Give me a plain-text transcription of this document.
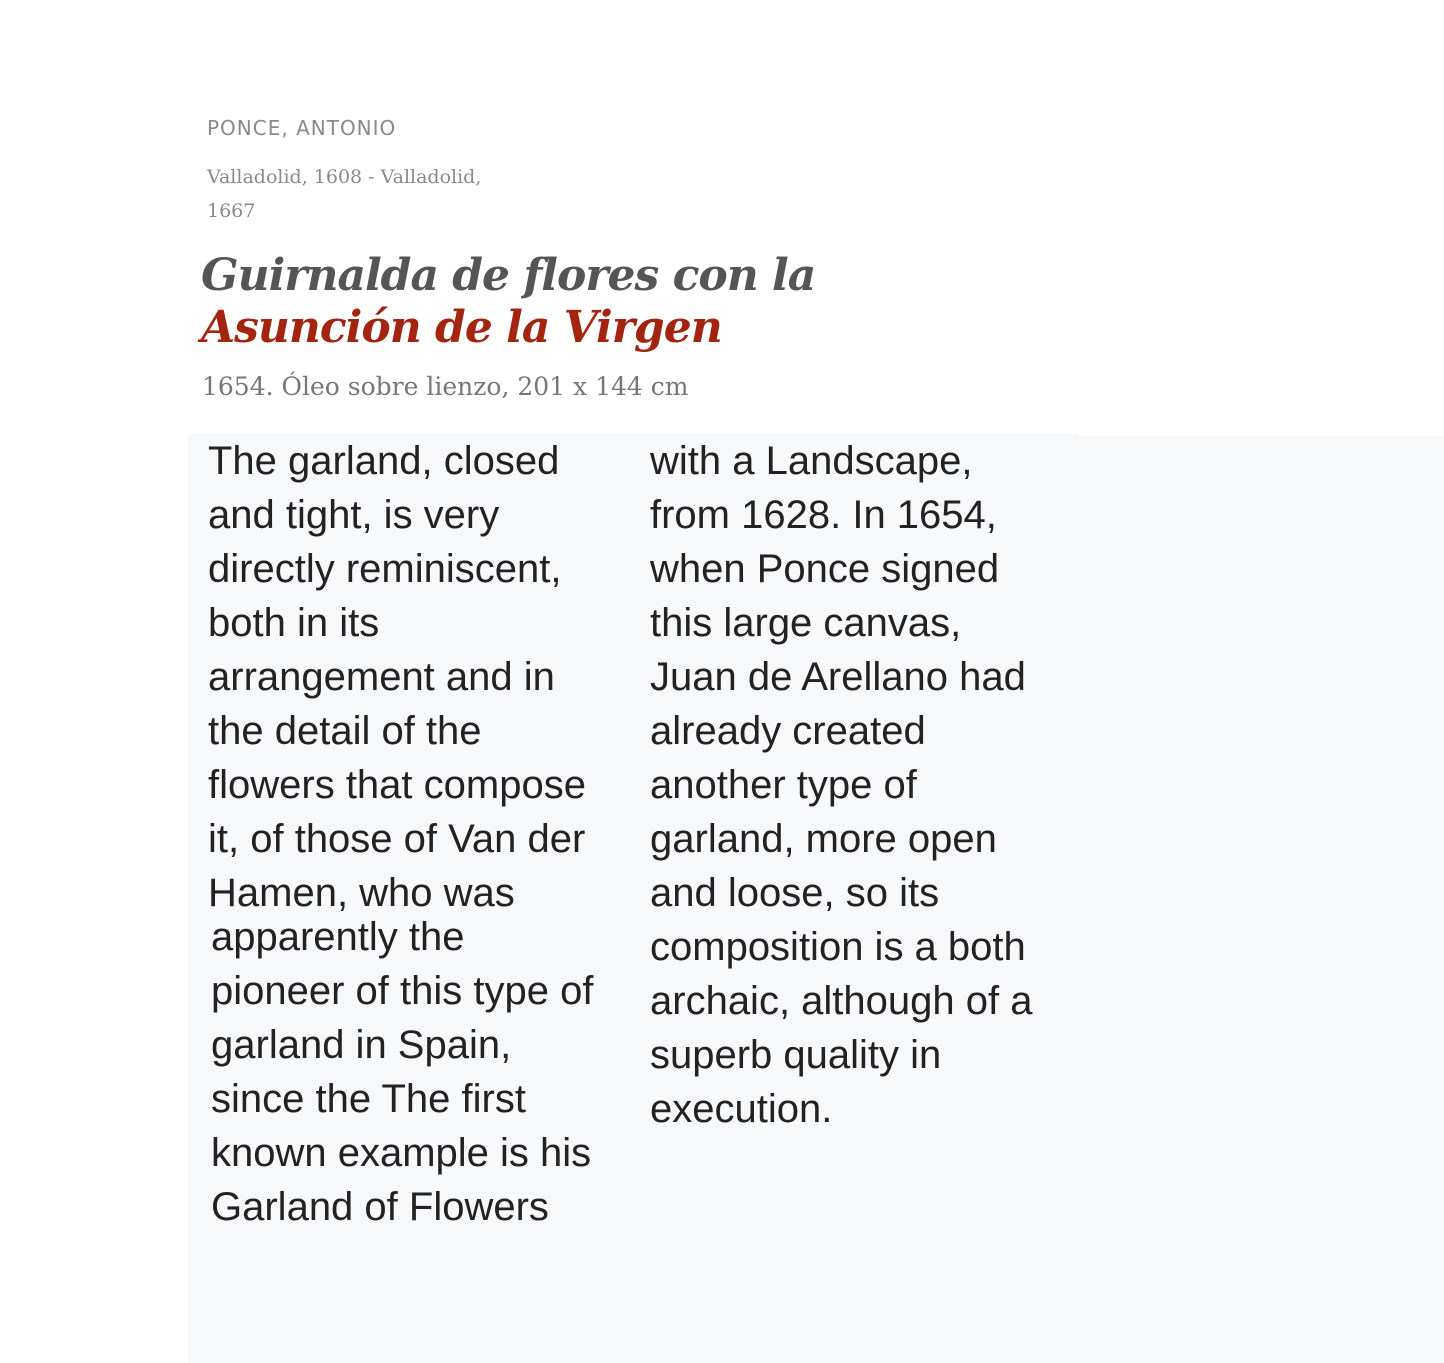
PONCE, ANTONIO
Valladolid, 1608 - Valladolid,
1667
Guirnalda de flores con la Asunción de la Virgen
1654. Óleo sobre lienzo, 201 x 144 cm
The garland, closed
and tight, is very
directly reminiscent,
both in its
arrangement and in
the detail of the
flowers that compose
it, of those of Van der
Hamen, who was
apparently the
pioneer of this type of
garland in Spain,
since the The first
known example is his
Garland of Flowers
with a Landscape,
from 1628. In 1654,
when Ponce signed
this large canvas,
Juan de Arellano had
already created
another type of
garland, more open
and loose, so its
composition is a both
archaic, although of a
superb quality in
execution.
